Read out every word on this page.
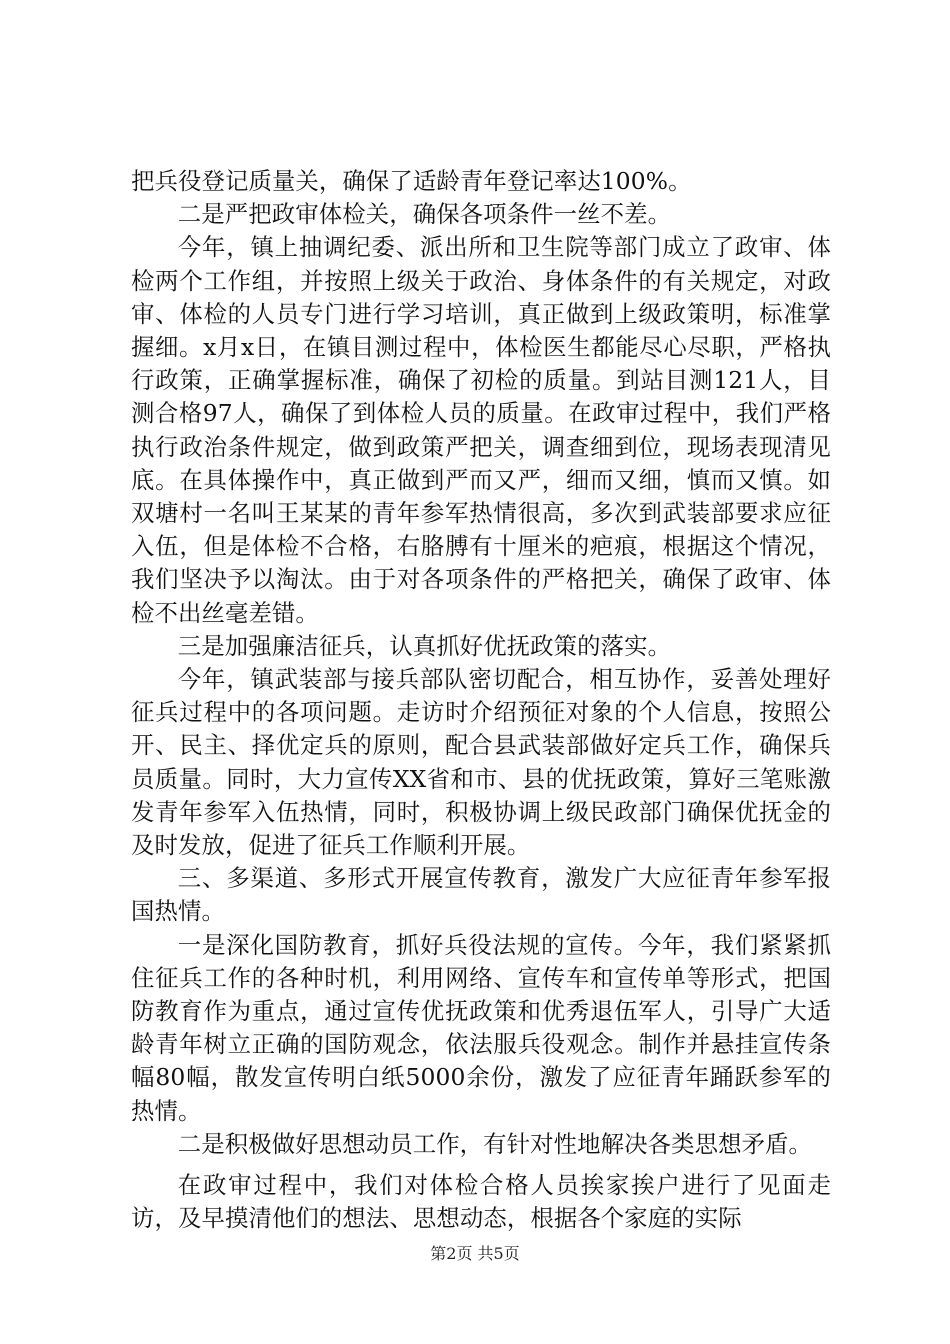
把兵役登记质量关，确保了适龄青年登记率达100%。

二是严把政审体检关，确保各项条件一丝不差。

今年，镇上抽调纪委、派出所和卫生院等部门成立了政审、体检两个工作组，并按照上级关于政治、身体条件的有关规定，对政审、体检的人员专门进行学习培训，真正做到上级政策明，标准掌握细。x月x日，在镇目测过程中，体检医生都能尽心尽职，严格执行政策，正确掌握标准，确保了初检的质量。到站目测121人，目测合格97人，确保了到体检人员的质量。在政审过程中，我们严格执行政治条件规定，做到政策严把关，调查细到位，现场表现清见底。在具体操作中，真正做到严而又严，细而又细，慎而又慎。如双塘村一名叫王某某的青年参军热情很高，多次到武装部要求应征入伍，但是体检不合格，右胳膊有十厘米的疤痕，根据这个情况，我们坚决予以淘汰。由于对各项条件的严格把关，确保了政审、体检不出丝毫差错。

三是加强廉洁征兵，认真抓好优抚政策的落实。

今年，镇武装部与接兵部队密切配合，相互协作，妥善处理好征兵过程中的各项问题。走访时介绍预征对象的个人信息，按照公开、民主、择优定兵的原则，配合县武装部做好定兵工作，确保兵员质量。同时，大力宣传XX省和市、县的优抚政策，算好三笔账激发青年参军入伍热情，同时，积极协调上级民政部门确保优抚金的及时发放，促进了征兵工作顺利开展。

三、多渠道、多形式开展宣传教育，激发广大应征青年参军报国热情。

一是深化国防教育，抓好兵役法规的宣传。今年，我们紧紧抓住征兵工作的各种时机，利用网络、宣传车和宣传单等形式，把国防教育作为重点，通过宣传优抚政策和优秀退伍军人，引导广大适龄青年树立正确的国防观念，依法服兵役观念。制作并悬挂宣传条幅80幅，散发宣传明白纸5000余份，激发了应征青年踊跃参军的热情。

二是积极做好思想动员工作，有针对性地解决各类思想矛盾。

在政审过程中，我们对体检合格人员挨家挨户进行了见面走访，及早摸清他们的想法、思想动态，根据各个家庭的实际

第2页 共5页
